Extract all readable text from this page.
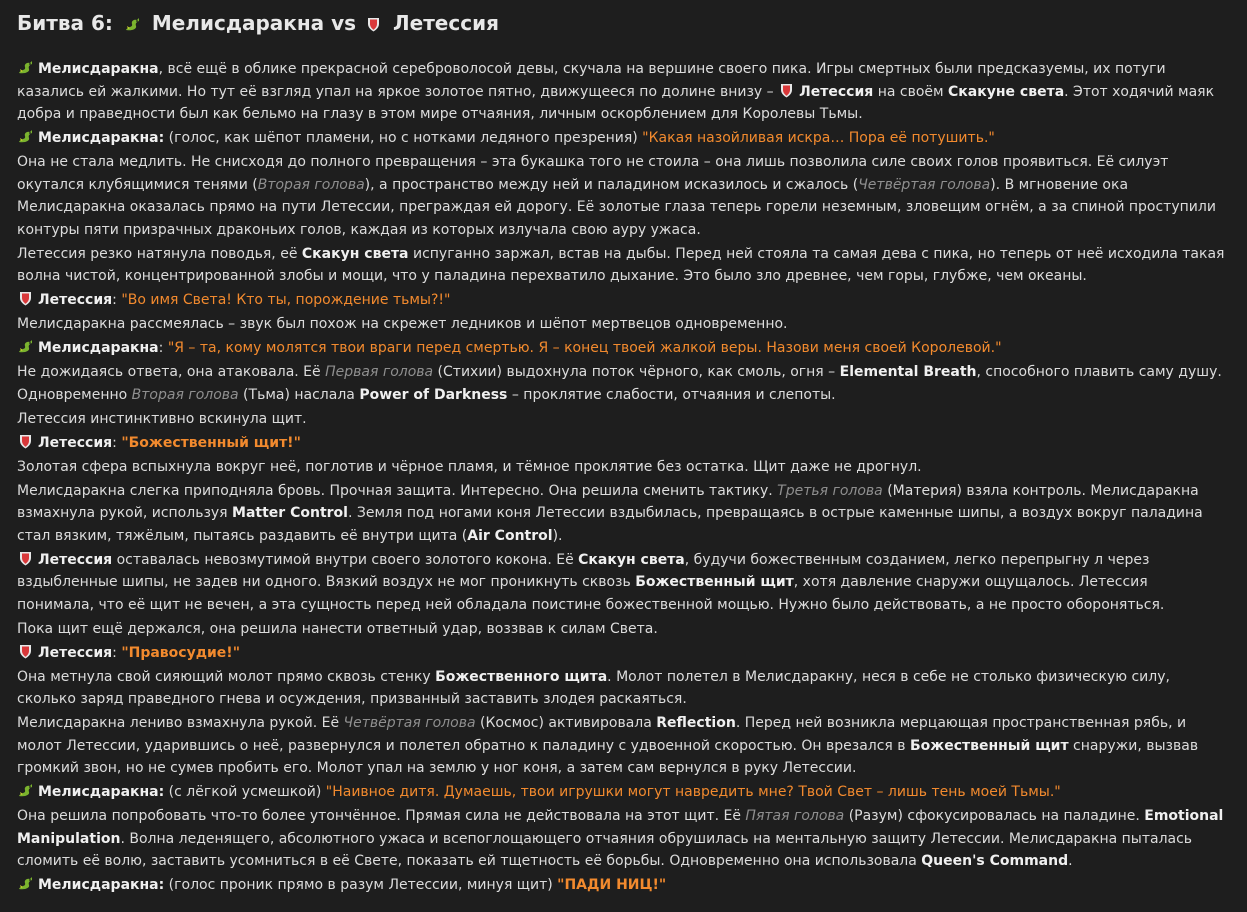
Битва 6: Мелисдаракна vs Летессия

Мелисдаракна, всё ещё в облике прекрасной сереброволосой девы, скучала на вершине своего пика. Игры смертных были предсказуемы, их потуги казались ей жалкими. Но тут её взгляд упал на яркое золотое пятно, движущееся по долине внизу –
Летессия на своём Скакуне света. Этот ходячий маяк добра и праведности был как бельмо на глазу в этом мире отчаяния, личным оскорблением для Королевы Тьмы.

Мелисдаракна: (голос, как шёпот пламени, но с нотками ледяного презрения) "Какая назойливая искра… Пора её потушить."

Она не стала медлить. Не снисходя до полного превращения – эта букашка того не стоила – она лишь позволила силе своих голов проявиться. Её силуэт окутался клубящимися тенями (Вторая голова), а пространство между ней и паладином исказилось и сжалось (Четвёртая голова). В мгновение ока Мелисдаракна оказалась прямо на пути Летессии, преграждая ей дорогу. Её золотые глаза теперь горели неземным, зловещим огнём, а за спиной проступили контуры пяти призрачных драконьих голов, каждая из которых излучала свою ауру ужаса.

Летессия резко натянула поводья, её Скакун света испуганно заржал, встав на дыбы. Перед ней стояла та самая дева с пика, но теперь от неё исходила такая волна чистой, концентрированной злобы и мощи, что у паладина перехватило дыхание. Это было зло древнее, чем горы, глубже, чем океаны.

Летессия: "Во имя Света! Кто ты, порождение тьмы?!"

Мелисдаракна рассмеялась – звук был похож на скрежет ледников и шёпот мертвецов одновременно.

Мелисдаракна: "Я – та, кому молятся твои враги перед смертью. Я – конец твоей жалкой веры. Назови меня своей Королевой."

Не дожидаясь ответа, она атаковала. Её Первая голова (Стихии) выдохнула поток чёрного, как смоль, огня – Elemental Breath, способного плавить саму душу. Одновременно Вторая голова (Тьма) наслала Power of Darkness – проклятие слабости, отчаяния и слепоты.

Летессия инстинктивно вскинула щит.

Летессия: "Божественный щит!"

Золотая сфера вспыхнула вокруг неё, поглотив и чёрное пламя, и тёмное проклятие без остатка. Щит даже не дрогнул.

Мелисдаракна слегка приподняла бровь. Прочная защита. Интересно. Она решила сменить тактику. Третья голова (Материя) взяла контроль. Мелисдаракна взмахнула рукой, используя Matter Control. Земля под ногами коня Летессии вздыбилась, превращаясь в острые каменные шипы, а воздух вокруг паладина стал вязким, тяжёлым, пытаясь раздавить её внутри щита (Air Control).

Летессия оставалась невозмутимой внутри своего золотого кокона. Её Скакун света, будучи божественным созданием, легко перепрыгну л через вздыбленные шипы, не задев ни одного. Вязкий воздух не мог проникнуть сквозь Божественный щит, хотя давление снаружи ощущалось. Летессия понимала, что её щит не вечен, а эта сущность перед ней обладала поистине божественной мощью. Нужно было действовать, а не просто обороняться.

Пока щит ещё держался, она решила нанести ответный удар, воззвав к силам Света.

Летессия: "Правосудие!"

Она метнула свой сияющий молот прямо сквозь стенку Божественного щита. Молот полетел в Мелисдаракну, неся в себе не столько физическую силу, сколько заряд праведного гнева и осуждения, призванный заставить злодея раскаяться.

Мелисдаракна лениво взмахнула рукой. Её Четвёртая голова (Космос) активировала Reflection. Перед ней возникла мерцающая пространственная рябь, и молот Летессии, ударившись о неё, развернулся и полетел обратно к паладину с удвоенной скоростью. Он врезался в Божественный щит снаружи, вызвав громкий звон, но не сумев пробить его. Молот упал на землю у ног коня, а затем сам вернулся в руку Летессии.

Мелисдаракна: (с лёгкой усмешкой) "Наивное дитя. Думаешь, твои игрушки могут навредить мне? Твой Свет – лишь тень моей Тьмы."

Она решила попробовать что-то более утончённое. Прямая сила не действовала на этот щит. Её Пятая голова (Разум) сфокусировалась на паладине. Emotional Manipulation. Волна леденящего, абсолютного ужаса и всепоглощающего отчаяния обрушилась на ментальную защиту Летессии. Мелисдаракна пыталась сломить её волю, заставить усомниться в её Свете, показать ей тщетность её борьбы. Одновременно она использовала Queen's Command.

Мелисдаракна: (голос проник прямо в разум Летессии, минуя щит) "ПАДИ НИЦ!"
